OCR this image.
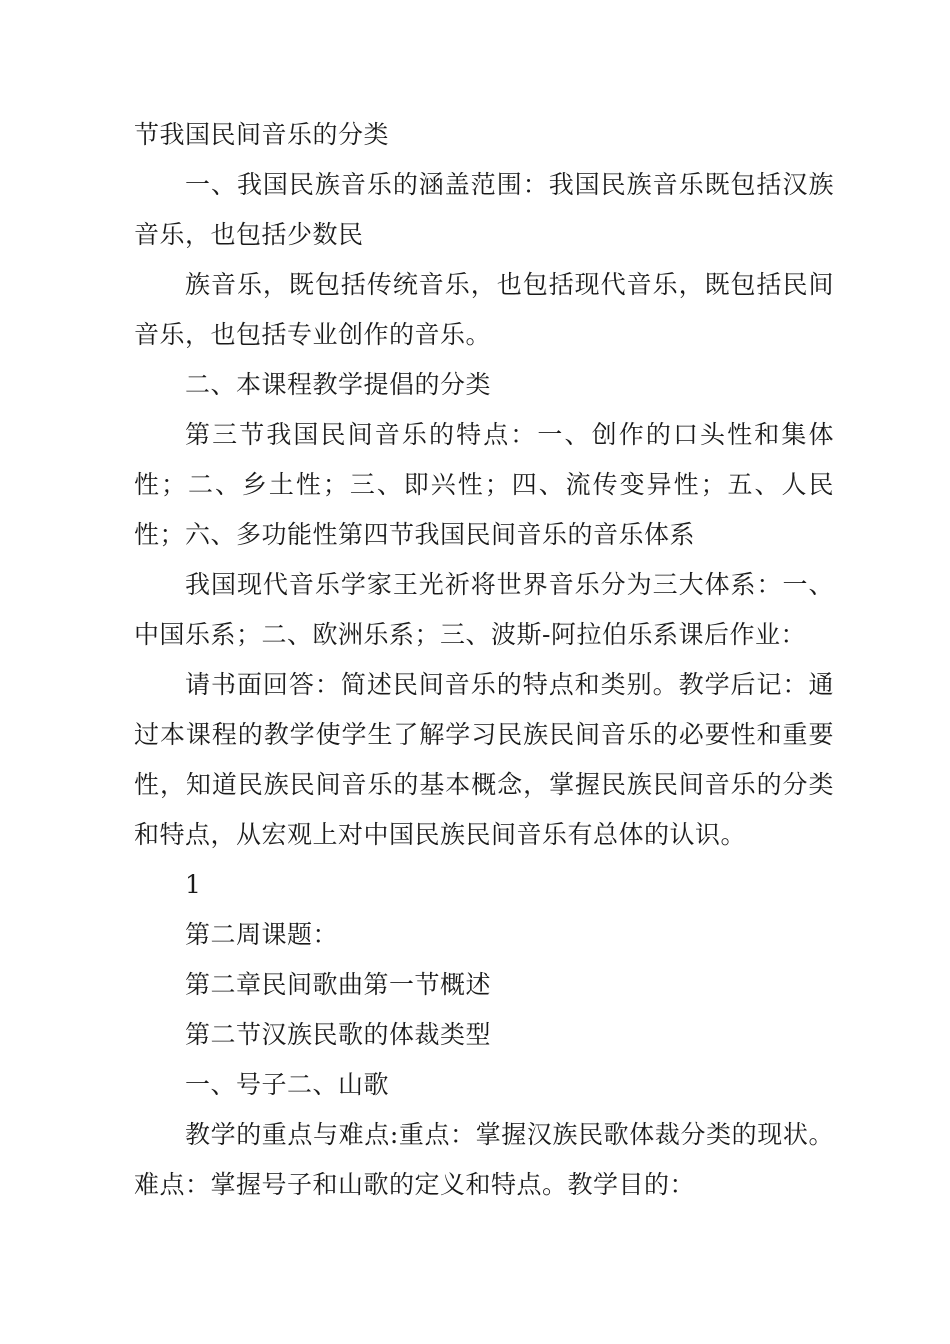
节我国民间音乐的分类

一、我国民族音乐的涵盖范围：我国民族音乐既包括汉族音乐，也包括少数民

族音乐，既包括传统音乐，也包括现代音乐，既包括民间音乐，也包括专业创作的音乐。

二、本课程教学提倡的分类

第三节我国民间音乐的特点：一、创作的口头性和集体性；二、乡土性；三、即兴性；四、流传变异性；五、人民性；六、多功能性第四节我国民间音乐的音乐体系

我国现代音乐学家王光祈将世界音乐分为三大体系：一、中国乐系；二、欧洲乐系；三、波斯-阿拉伯乐系课后作业：

请书面回答：简述民间音乐的特点和类别。教学后记：通过本课程的教学使学生了解学习民族民间音乐的必要性和重要性，知道民族民间音乐的基本概念，掌握民族民间音乐的分类和特点，从宏观上对中国民族民间音乐有总体的认识。

1

第二周课题：

第二章民间歌曲第一节概述

第二节汉族民歌的体裁类型

一、号子二、山歌

教学的重点与难点:重点：掌握汉族民歌体裁分类的现状。难点：掌握号子和山歌的定义和特点。教学目的：
